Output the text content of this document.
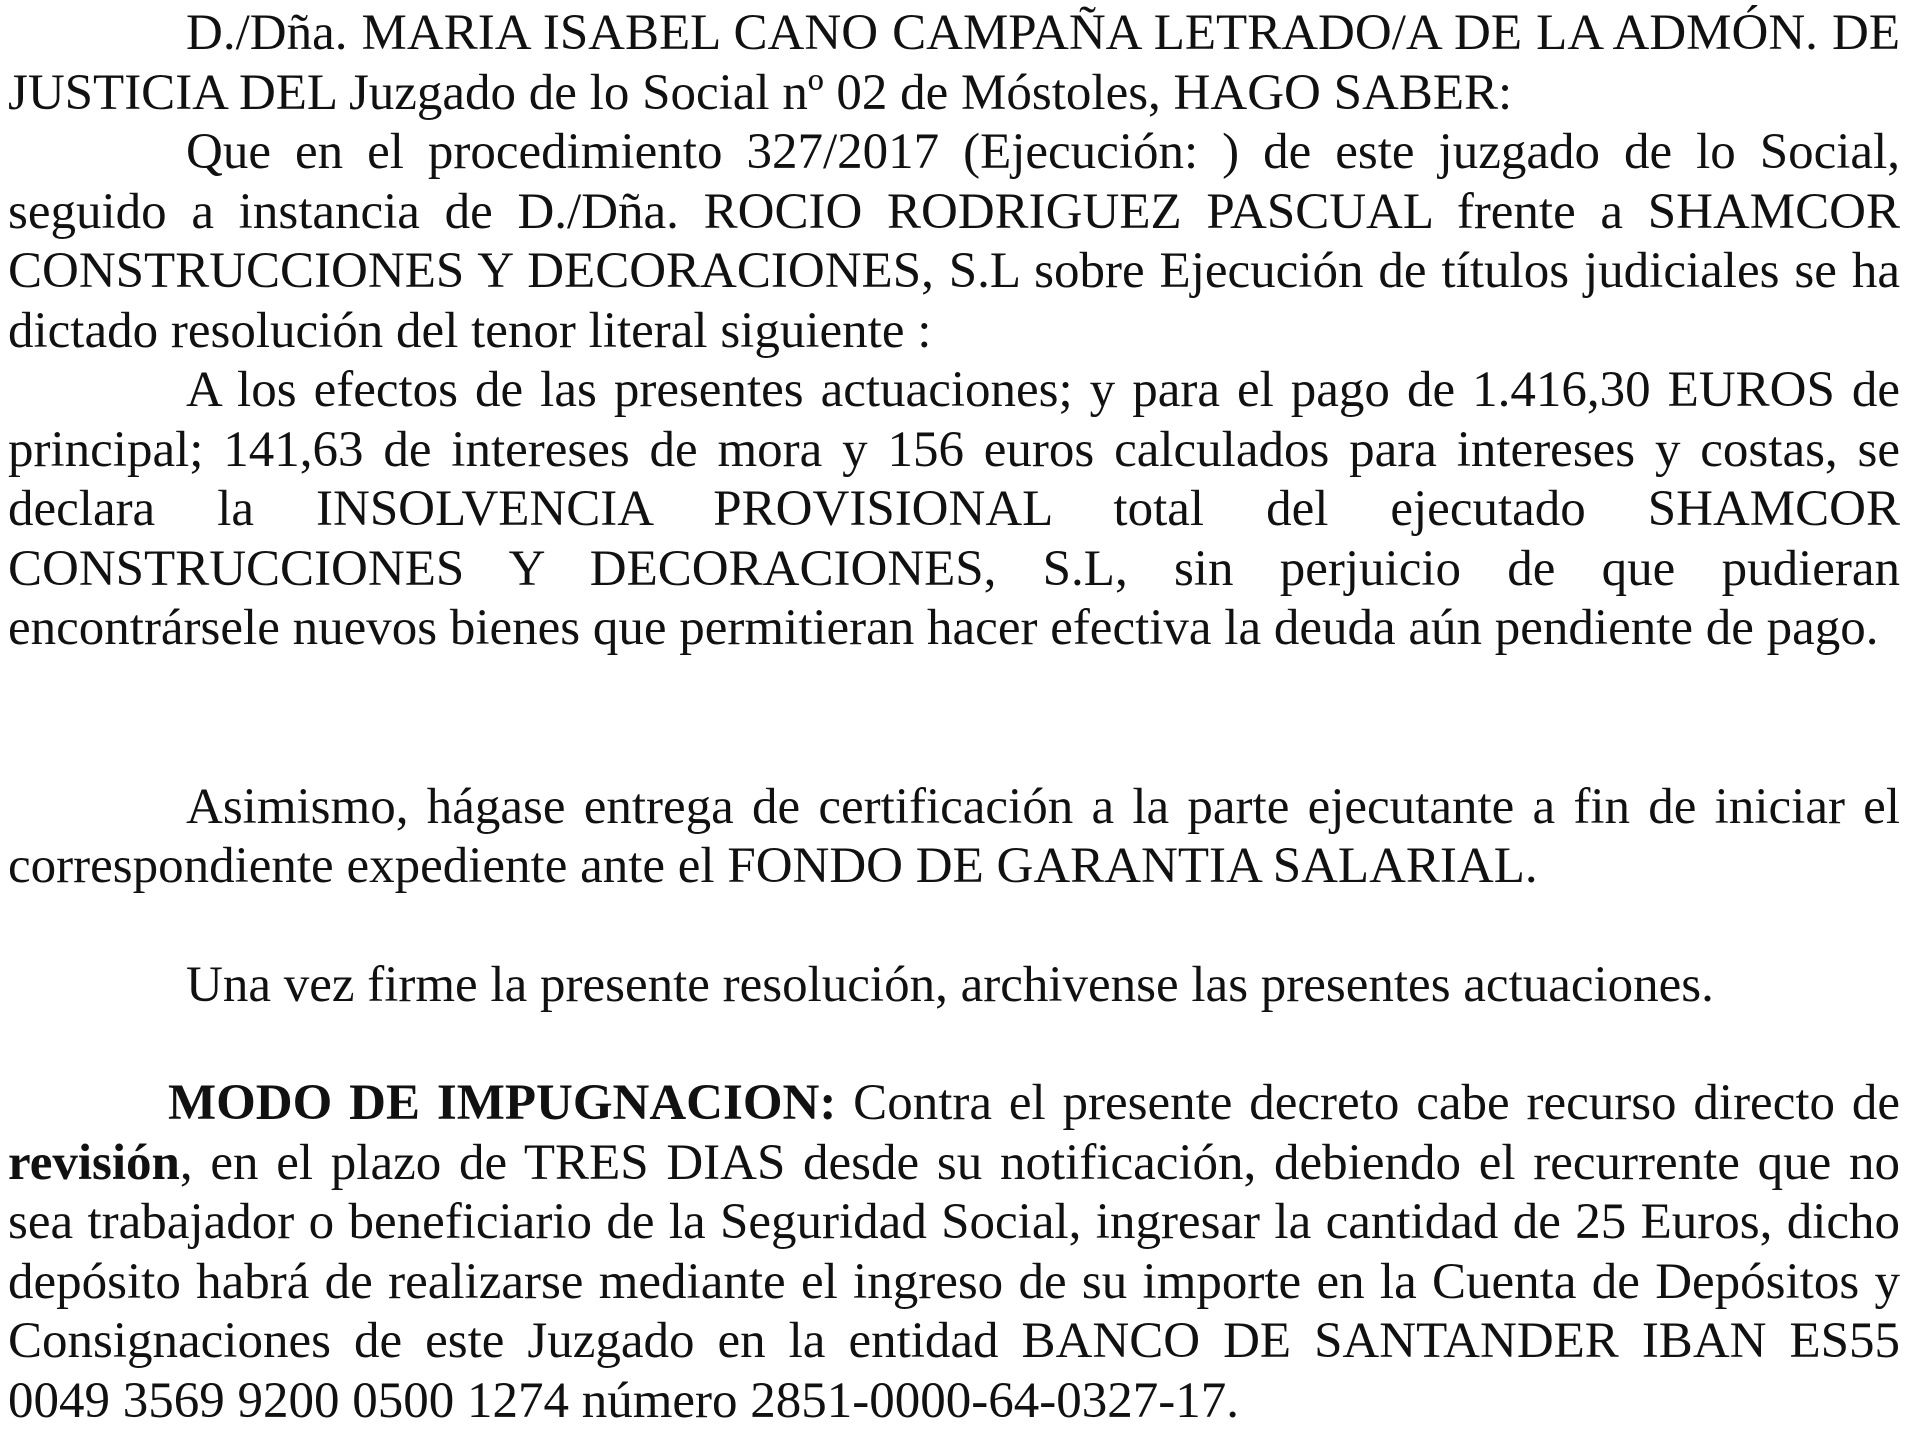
D./Dña. MARIA ISABEL CANO CAMPAÑA LETRADO/A DE LA ADMÓN. DE JUSTICIA DEL Juzgado de lo Social nº 02 de Móstoles, HAGO SABER:

Que en el procedimiento 327/2017 (Ejecución: ) de este juzgado de lo Social, seguido a instancia de D./Dña. ROCIO RODRIGUEZ PASCUAL frente a SHAMCOR CONSTRUCCIONES Y DECORACIONES, S.L sobre Ejecución de títulos judiciales se ha dictado resolución del tenor literal siguiente :

A los efectos de las presentes actuaciones; y para el pago de 1.416,30 EUROS de principal; 141,63 de intereses de mora y 156 euros calculados para intereses y costas, se declara la INSOLVENCIA PROVISIONAL total del ejecutado SHAMCOR CONSTRUCCIONES Y DECORACIONES, S.L, sin perjuicio de que pudieran encontrársele nuevos bienes que permitieran hacer efectiva la deuda aún pendiente de pago.

Asimismo, hágase entrega de certificación a la parte ejecutante a fin de iniciar el correspondiente expediente ante el FONDO DE GARANTIA SALARIAL.

Una vez firme la presente resolución, archivense las presentes actuaciones.

MODO DE IMPUGNACION: Contra el presente decreto cabe recurso directo de revisión, en el plazo de TRES DIAS desde su notificación, debiendo el recurrente que no sea trabajador o beneficiario de la Seguridad Social, ingresar la cantidad de 25 Euros, dicho depósito habrá de realizarse mediante el ingreso de su importe en la Cuenta de Depósitos y Consignaciones de este Juzgado en la entidad BANCO DE SANTANDER IBAN ES55 0049 3569 9200 0500 1274 número 2851-0000-64-0327-17.
